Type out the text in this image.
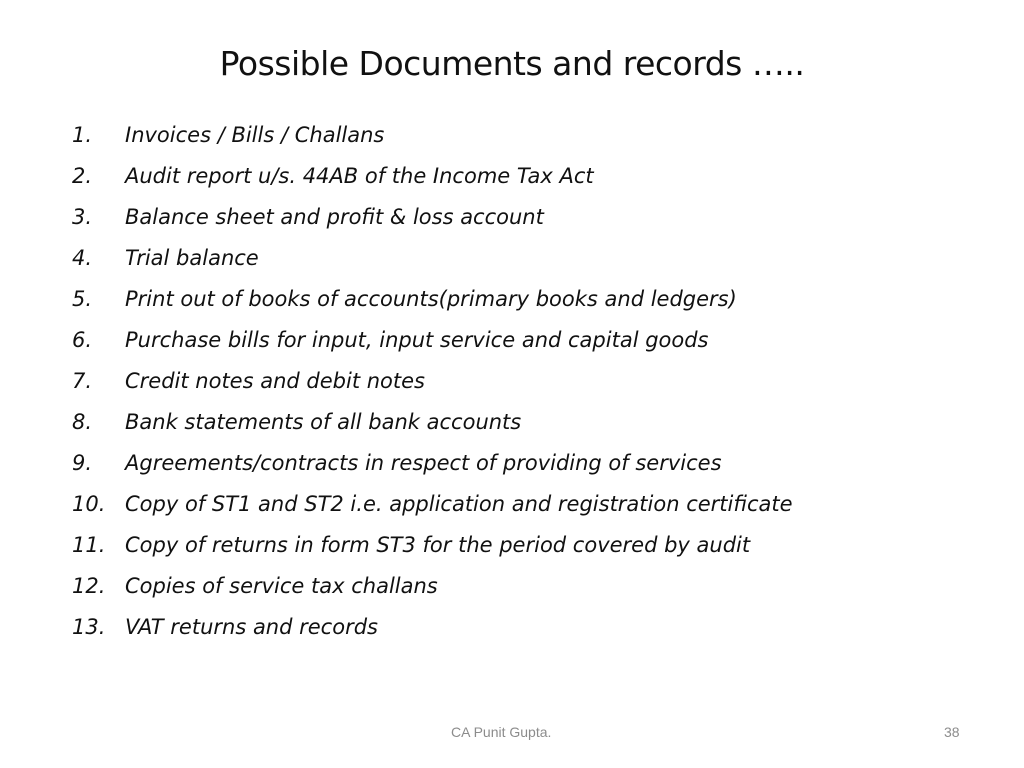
Possible Documents and records …..
1.	Invoices / Bills / Challans
2.	Audit report u/s. 44AB of the Income Tax Act
3.	Balance sheet and profit & loss account
4.	Trial balance
5.	Print out of books of accounts(primary books and ledgers)
6.	Purchase bills for input, input service and capital goods
7.	Credit notes and debit notes
8.	Bank statements of all bank accounts
9.	Agreements/contracts in respect of providing of services
10. Copy of ST1 and ST2 i.e. application and registration certificate
11. Copy of returns in form ST3 for the period covered by audit
12. Copies of service tax challans
13. VAT returns and records
CA Punit Gupta.	38
